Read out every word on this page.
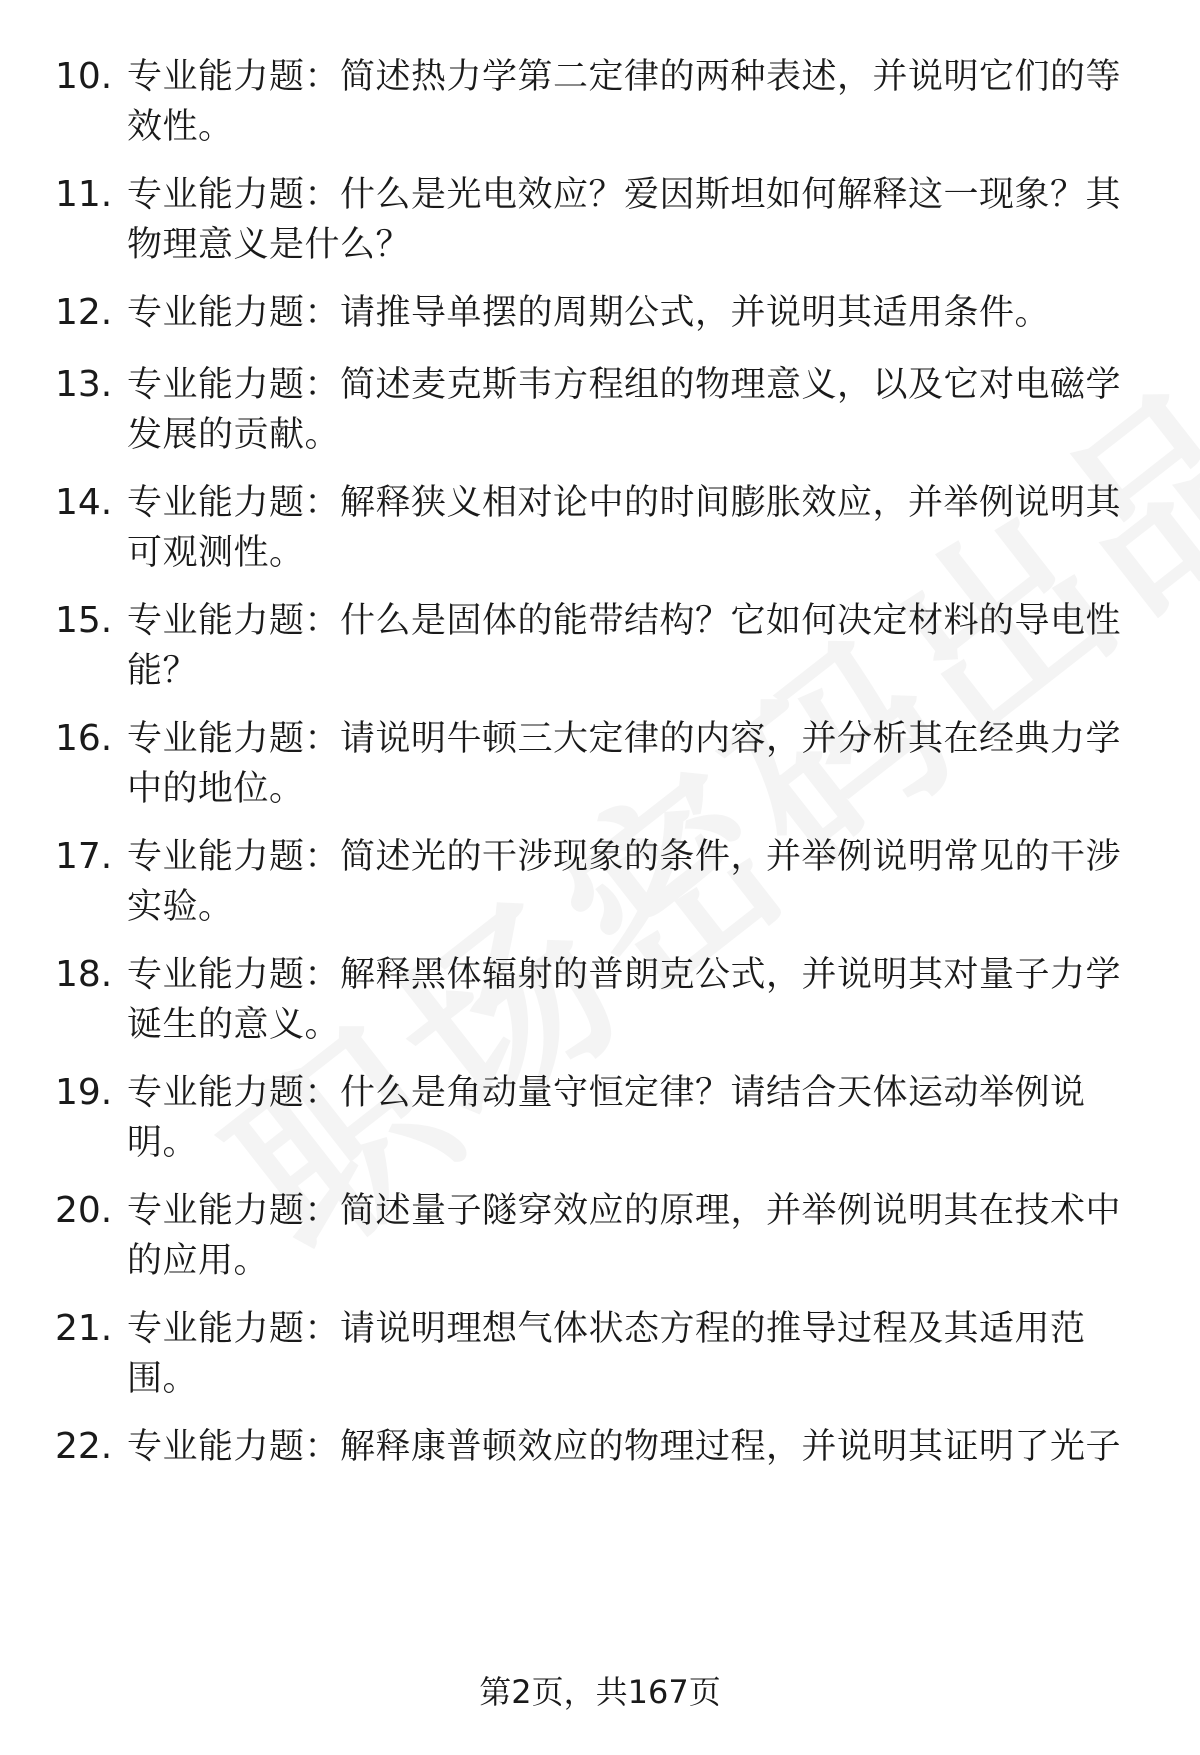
10. 专业能力题：简述热力学第二定律的两种表述，并说明它们的等
效性。
11. 专业能力题：什么是光电效应？爱因斯坦如何解释这一现象？其
物理意义是什么？
12. 专业能力题：请推导单摆的周期公式，并说明其适用条件。
13. 专业能力题：简述麦克斯韦方程组的物理意义，以及它对电磁学
发展的贡献。
14. 专业能力题：解释狭义相对论中的时间膨胀效应，并举例说明其
可观测性。
15. 专业能力题：什么是固体的能带结构？它如何决定材料的导电性
能？
16. 专业能力题：请说明牛顿三大定律的内容，并分析其在经典力学
中的地位。
17. 专业能力题：简述光的干涉现象的条件，并举例说明常见的干涉
实验。
18. 专业能力题：解释黑体辐射的普朗克公式，并说明其对量子力学
诞生的意义。
19. 专业能力题：什么是角动量守恒定律？请结合天体运动举例说
明。
20. 专业能力题：简述量子隧穿效应的原理，并举例说明其在技术中
的应用。
21. 专业能力题：请说明理想气体状态方程的推导过程及其适用范
围。
22. 专业能力题：解释康普顿效应的物理过程，并说明其证明了光子
第2页，共167页
